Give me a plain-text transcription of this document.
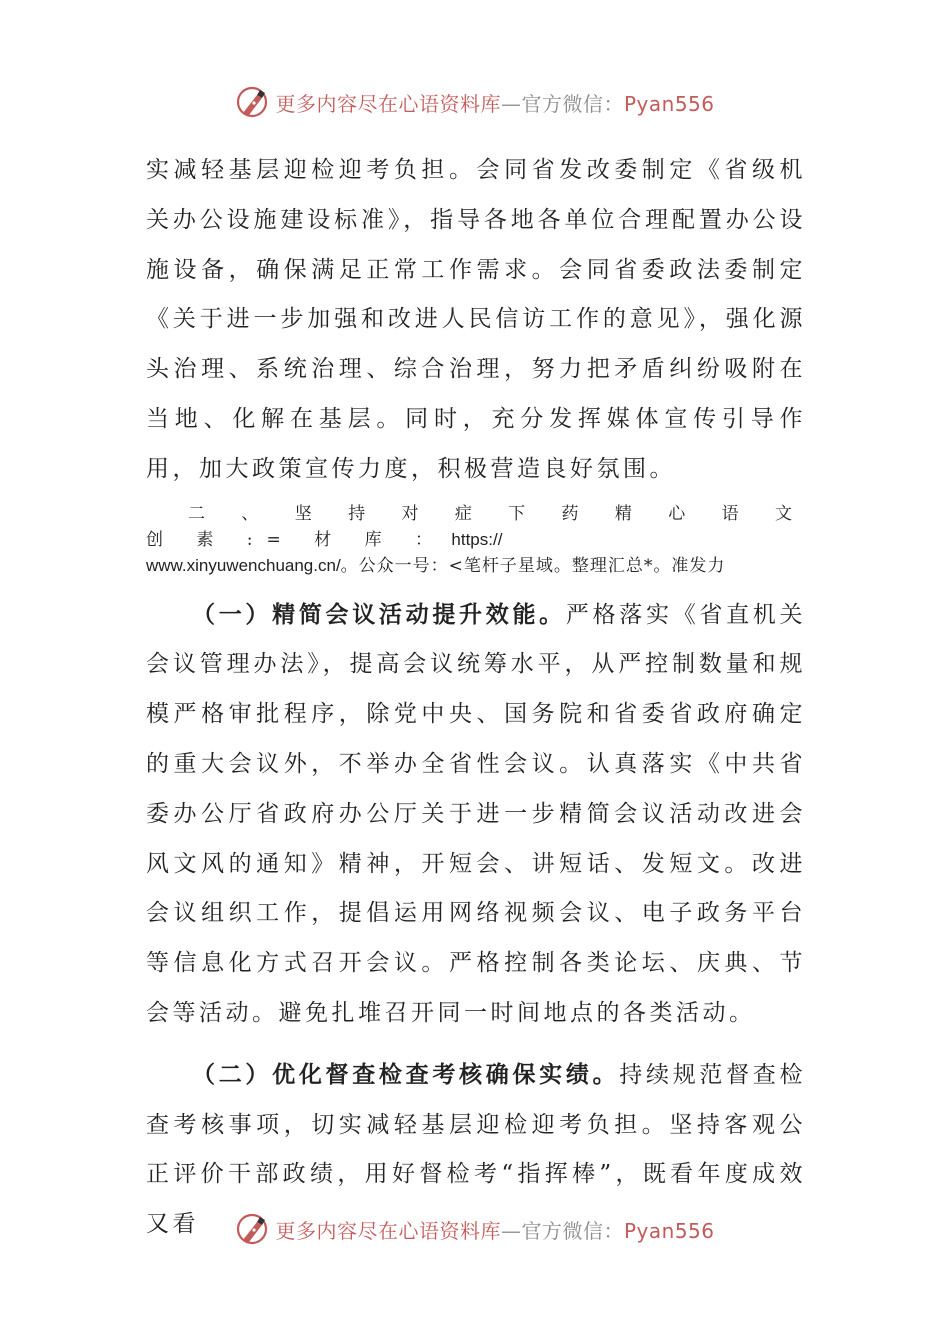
更多内容尽在心语资料库—官方微信：Pyan556

实减轻基层迎检迎考负担。会同省发改委制定《省级机关办公设施建设标准》，指导各地各单位合理配置办公设施设备，确保满足正常工作需求。会同省委政法委制定《关于进一步加强和改进人民信访工作的意见》，强化源头治理、系统治理、综合治理，努力把矛盾纠纷吸附在当地、化解在基层。同时，充分发挥媒体宣传引导作用，加大政策宣传力度，积极营造良好氛围。

二 、 坚 持 对 症 下 药 精 心 语 文 创 素 := 材 库 ： https://
www.xinyuwenchuang.cn/。公众一号：<笔杆子星域。整理汇总*。准发力

（一）精简会议活动提升效能。严格落实《省直机关会议管理办法》，提高会议统筹水平，从严控制数量和规模严格审批程序，除党中央、国务院和省委省政府确定的重大会议外，不举办全省性会议。认真落实《中共省委办公厅省政府办公厅关于进一步精简会议活动改进会风文风的通知》精神，开短会、讲短话、发短文。改进会议组织工作，提倡运用网络视频会议、电子政务平台等信息化方式召开会议。严格控制各类论坛、庆典、节会等活动。避免扎堆召开同一时间地点的各类活动。

（二）优化督查检查考核确保实绩。持续规范督查检查考核事项，切实减轻基层迎检迎考负担。坚持客观公正评价干部政绩，用好督检考“指挥棒”，既看年度成效又看	更多内容尽在心语资料库—官方微信：Pyan556
